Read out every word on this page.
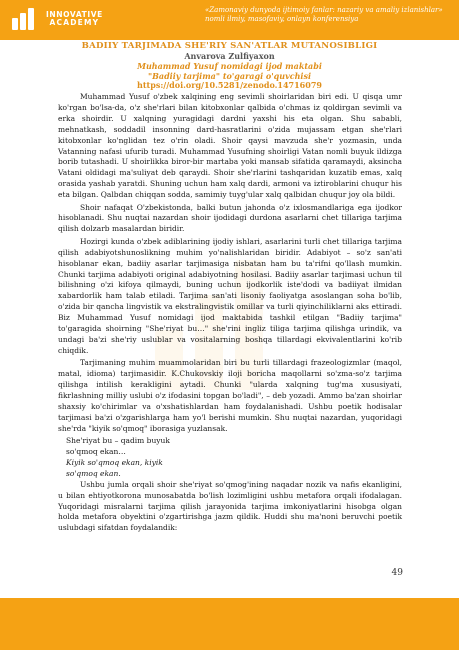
INNOVATIVE
ACADEMY
«Zamonaviy dunyoda ijtimoiy fanlar: nazariy va amaliy izlanishlar» nomli ilmiy, masofaviy, onlayn konferensiya
BADIIY TARJIMADA SHE'RIY SAN'ATLAR MUTANOSIBLIGI
Anvarova Zulfiyaxon
Muhammad Yusuf nomidagi ijod maktabi
"Badiiy tarjima" to'garagi o'quvchisi
https://doi.org/10.5281/zenodo.14716079

Muhammad Yusuf o'zbek xalqining eng sevimli shoirlaridan biri edi. U qisqa umr ko'rgan bo'lsa-da, o'z she'rlari bilan kitobxonlar qalbida o'chmas iz qoldirgan sevimli va erka shoirdir. U xalqning yuragidagi dardni yaxshi his eta olgan. Shu sababli, mehnatkash, soddadil insonning dard-hasratlarini o'zida mujassam etgan she'rlari kitobxonlar ko'nglidan tez o'rin oladi. Shoir qaysi mavzuda she'r yozmasin, unda Vatanning nafasi ufurib turadi. Muhammad Yusufning shoirligi Vatan nomli buyuk ildizga borib tutashadi. U shoirlikka biror-bir martaba yoki mansab sifatida qaramaydi, aksincha Vatani oldidagi ma'suliyat deb qaraydi. Shoir she'rlarini tashqaridan kuzatib emas, xalq orasida yashab yaratdi. Shuning uchun ham xalq dardi, armoni va iztiroblarini chuqur his eta bilgan. Qalbdan chiqqan sodda, samimiy tuyg'ular xalq qalbidan chuqur joy ola bildi.

Shoir nafaqat O'zbekistonda, balki butun jahonda o'z ixlosmandlariga ega ijodkor hisoblanadi. Shu nuqtai nazardan shoir ijodidagi durdona asarlarni chet tillariga tarjima qilish dolzarb masalardan biridir.

Hozirgi kunda o'zbek adiblarining ijodiy ishlari, asarlarini turli chet tillariga tarjima qilish adabiyotshunoslikning muhim yo'nalishlaridan biridir. Adabiyot – so'z san'ati hisoblanar ekan, badiiy asarlar tarjimasiga nisbatan ham bu ta'rifni qo'llash mumkin. Chunki tarjima adabiyoti original adabiyotning hosilasi. Badiiy asarlar tarjimasi uchun til bilishning o'zi kifoya qilmaydi, buning uchun ijodkorlik iste'dodi va badiiyat ilmidan xabardorlik ham talab etiladi. Tarjima san'ati lisoniy faoliyatga asoslangan soha bo'lib, o'zida bir qancha lingvistik va ekstralingvistik omillar va turli qiyinchiliklarni aks ettiradi. Biz Muhammad Yusuf nomidagi ijod maktabida tashkil etilgan "Badiiy tarjima" to'garagida shoirning "She'riyat bu…" she'rini ingliz tiliga tarjima qilishga urindik, va undagi ba'zi she'riy uslublar va vositalarning boshqa tillardagi ekvivalentlarini ko'rib chiqdik.

Tarjimaning muhim muammolaridan biri bu turli tillardagi frazeologizmlar (maqol, matal, idioma) tarjimasidir. K.Chukovskiy iloji boricha maqollarni so'zma-so'z tarjima qilishga intilish kerakligini aytadi. Chunki "ularda xalqning tug'ma xususiyati, fikrlashning milliy uslubi o'z ifodasini topgan bo'ladi", – deb yozadi. Ammo ba'zan shoirlar shaxsiy ko'chirimlar va o'xshatishlardan ham foydalanishadi. Ushbu poetik hodisalar tarjimasi ba'zi o'zgarishlarga ham yo'l berishi mumkin. Shu nuqtai nazardan, yuqoridagi she'rda "kiyik so'qmoq" iborasiga yuzlansak.

She'riyat bu – qadim buyuk
so'qmoq ekan…
Kiyik so'qmoq ekan, kiyik
so'qmoq ekan.

Ushbu jumla orqali shoir she'riyat so'qmog'ining naqadar nozik va nafis ekanligini, u bilan ehtiyotkorona munosabatda bo'lish lozimligini ushbu metafora orqali ifodalagan. Yuqoridagi misralarni tarjima qilish jarayonida tarjima imkoniyatlarini hisobga olgan holda metafora obyektini o'zgartirishga jazm qildik. Huddi shu ma'noni beruvchi poetik uslubdagi sifatdan foydalandik:

49
